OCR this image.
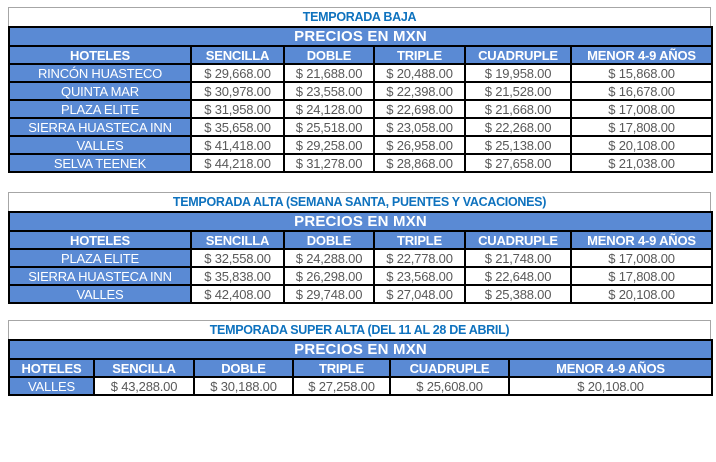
TEMPORADA BAJA
PRECIOS EN MXN					
HOTELES	SENCILLA	DOBLE	TRIPLE	CUADRUPLE	MENOR 4-9 AÑOS
RINCÓN HUASTECO	$ 29,668.00	$ 21,688.00	$ 20,488.00	$ 19,958.00	$ 15,868.00
QUINTA MAR	$ 30,978.00	$ 23,558.00	$ 22,398.00	$ 21,528.00	$ 16,678.00
PLAZA ELITE	$ 31,958.00	$ 24,128.00	$ 22,698.00	$ 21,668.00	$ 17,008.00
SIERRA HUASTECA INN	$ 35,658.00	$ 25,518.00	$ 23,058.00	$ 22,268.00	$ 17,808.00
VALLES	$ 41,418.00	$ 29,258.00	$ 26,958.00	$ 25,138.00	$ 20,108.00
SELVA TEENEK	$ 44,218.00	$ 31,278.00	$ 28,868.00	$ 27,658.00	$ 21,038.00
TEMPORADA ALTA (SEMANA SANTA, PUENTES Y VACACIONES)
PRECIOS EN MXN					
HOTELES	SENCILLA	DOBLE	TRIPLE	CUADRUPLE	MENOR 4-9 AÑOS
PLAZA ELITE	$ 32,558.00	$ 24,288.00	$ 22,778.00	$ 21,748.00	$ 17,008.00
SIERRA HUASTECA INN	$ 35,838.00	$ 26,298.00	$ 23,568.00	$ 22,648.00	$ 17,808.00
VALLES	$ 42,408.00	$ 29,748.00	$ 27,048.00	$ 25,388.00	$ 20,108.00
TEMPORADA SUPER ALTA (DEL 11 AL 28 DE ABRIL)
PRECIOS EN MXN					
HOTELES	SENCILLA	DOBLE	TRIPLE	CUADRUPLE	MENOR 4-9 AÑOS
VALLES	$ 43,288.00	$ 30,188.00	$ 27,258.00	$ 25,608.00	$ 20,108.00
